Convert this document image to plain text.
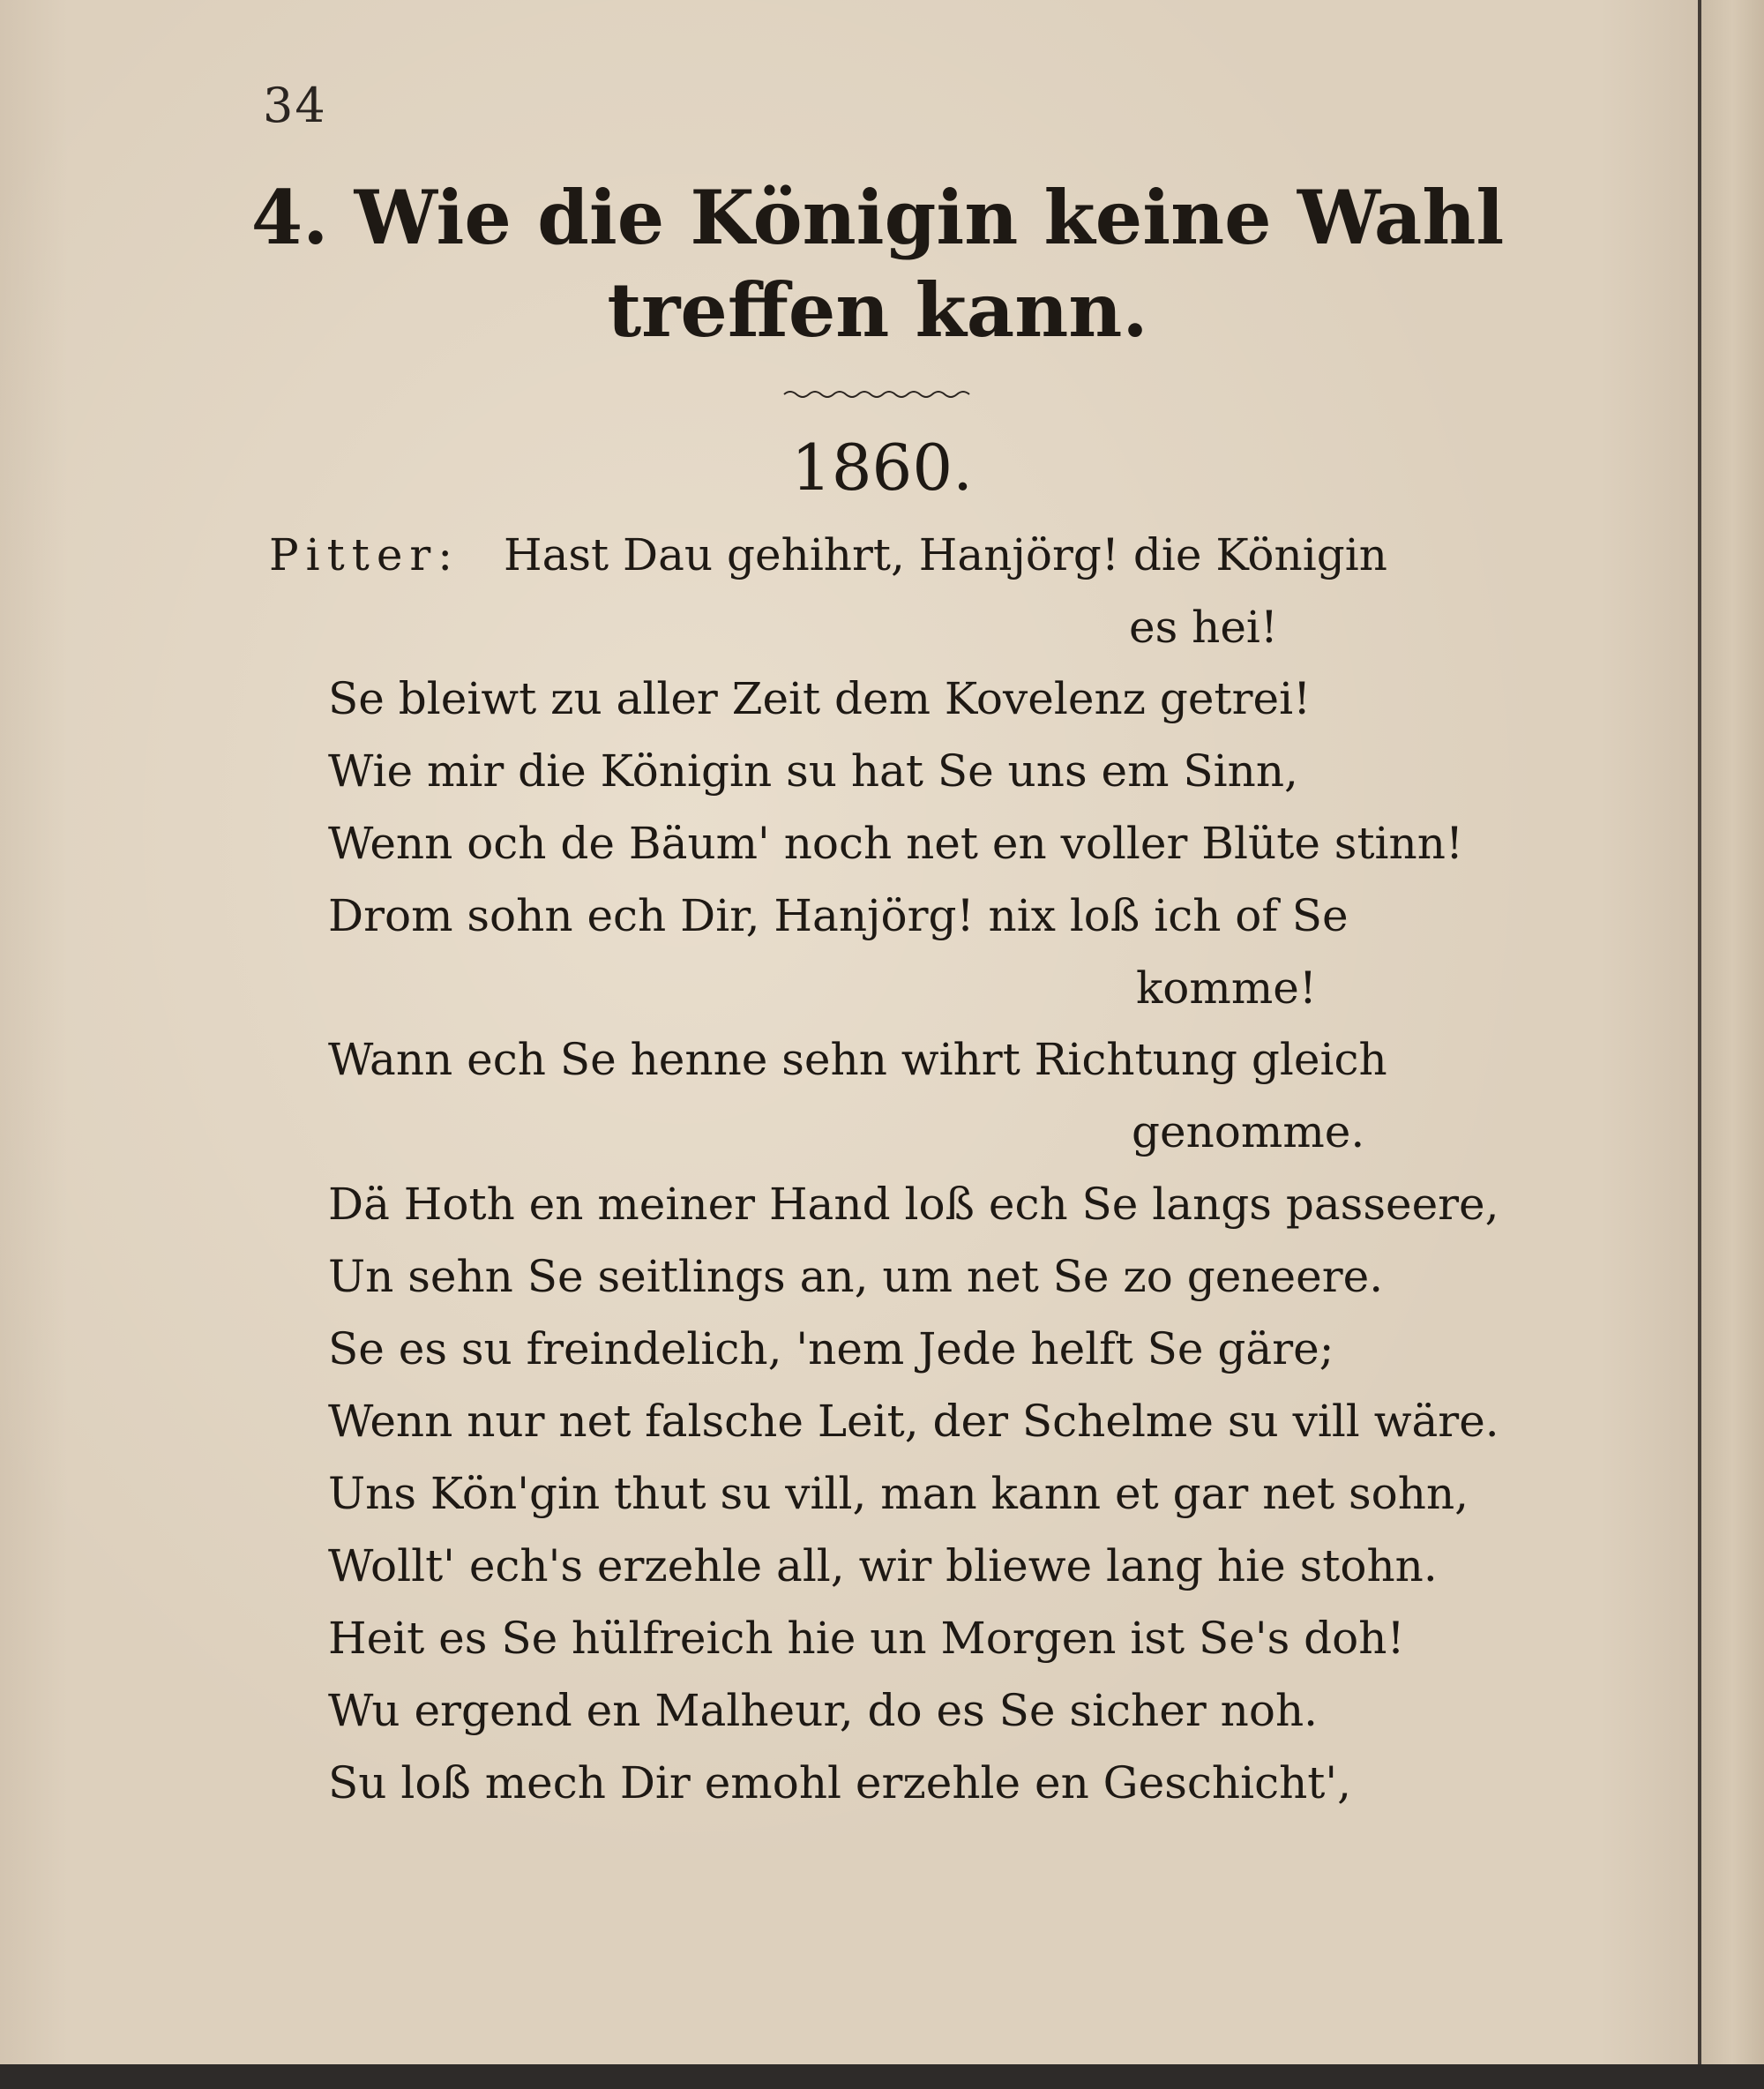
34
4. Wie die Königin keine Wahl
treffen kann.
1860.
Pitter: Hast Dau gehihrt, Hanjörg! die Königin
es hei!
Se bleiwt zu aller Zeit dem Kovelenz getrei!
Wie mir die Königin su hat Se uns em Sinn,
Wenn och de Bäum' noch net en voller Blüte stinn!
Drom sohn ech Dir, Hanjörg! nix loß ich of Se
komme!
Wann ech Se henne sehn wihrt Richtung gleich
genomme.
Dä Hoth en meiner Hand loß ech Se langs passeere,
Un sehn Se seitlings an, um net Se zo geneere.
Se es su freindelich, 'nem Jede helft Se gäre;
Wenn nur net falsche Leit, der Schelme su vill wäre.
Uns Kön'gin thut su vill, man kann et gar net sohn,
Wollt' ech's erzehle all, wir bliewe lang hie stohn.
Heit es Se hülfreich hie un Morgen ist Se's doh!
Wu ergend en Malheur, do es Se sicher noh.
Su loß mech Dir emohl erzehle en Geschicht',
